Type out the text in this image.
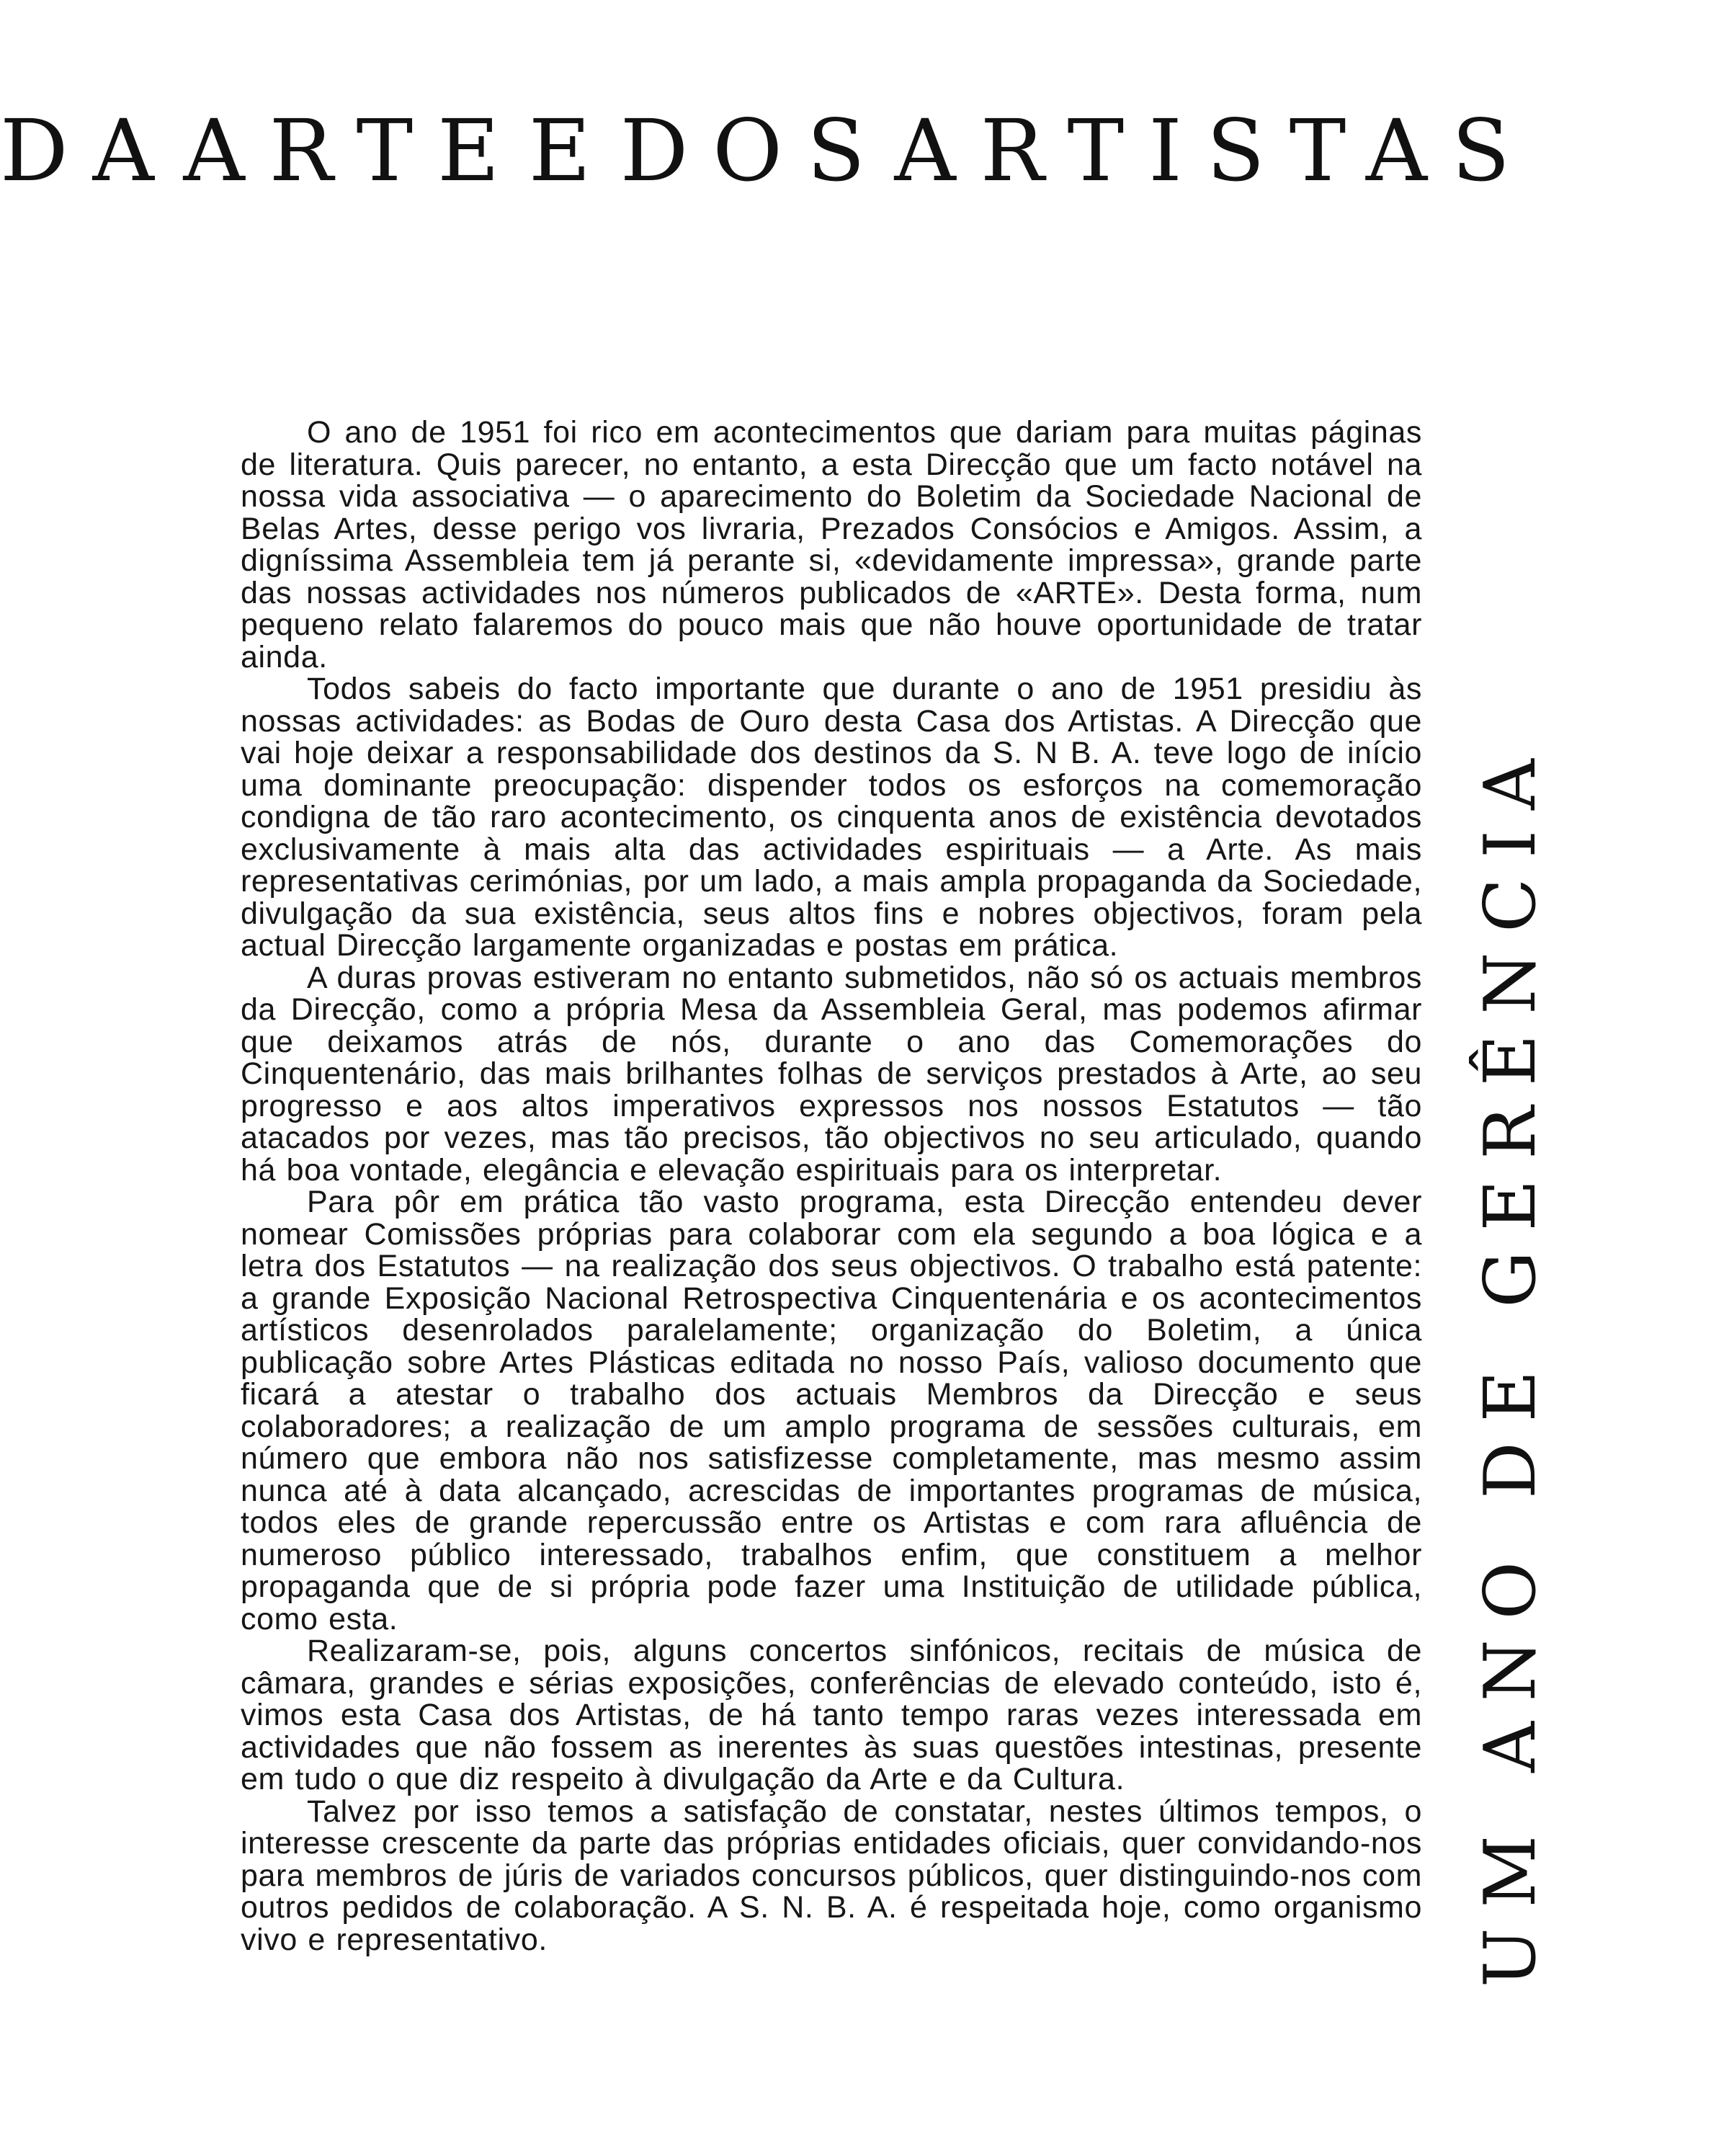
DA ARTE E DOS ARTISTAS
UM ANO DE GERÊNCIA

O ano de 1951 foi rico em acontecimentos que dariam para muitas páginas de literatura. Quis parecer, no entanto, a esta Direcção que um facto notável na nossa vida associativa — o aparecimento do Boletim da Sociedade Nacional de Belas Artes, desse perigo vos livraria, Prezados Consócios e Amigos. Assim, a digníssima Assembleia tem já perante si, «devidamente impressa», grande parte das nossas actividades nos números publicados de «ARTE». Desta forma, num pequeno relato falaremos do pouco mais que não houve oportunidade de tratar ainda.

Todos sabeis do facto importante que durante o ano de 1951 presidiu às nossas actividades: as Bodas de Ouro desta Casa dos Artistas. A Direcção que vai hoje deixar a responsabilidade dos destinos da S. N B. A. teve logo de início uma dominante preocupação: dispender todos os esforços na comemoração condigna de tão raro acontecimento, os cinquenta anos de existência devotados exclusivamente à mais alta das actividades espirituais — a Arte. As mais representativas cerimónias, por um lado, a mais ampla propaganda da Sociedade, divulgação da sua existência, seus altos fins e nobres objectivos, foram pela actual Direcção largamente organizadas e postas em prática.

A duras provas estiveram no entanto submetidos, não só os actuais membros da Direcção, como a própria Mesa da Assembleia Geral, mas podemos afirmar que deixamos atrás de nós, durante o ano das Comemorações do Cinquentenário, das mais brilhantes folhas de serviços prestados à Arte, ao seu progresso e aos altos imperativos expressos nos nossos Estatutos — tão atacados por vezes, mas tão precisos, tão objectivos no seu articulado, quando há boa vontade, elegância e elevação espirituais para os interpretar.

Para pôr em prática tão vasto programa, esta Direcção entendeu dever nomear Comissões próprias para colaborar com ela segundo a boa lógica e a letra dos Estatutos — na realização dos seus objectivos. O trabalho está patente: a grande Exposição Nacional Retrospectiva Cinquentenária e os acontecimentos artísticos desenrolados paralelamente; organização do Boletim, a única publicação sobre Artes Plásticas editada no nosso País, valioso documento que ficará a atestar o trabalho dos actuais Membros da Direcção e seus colaboradores; a realização de um amplo programa de sessões culturais, em número que embora não nos satisfizesse completamente, mas mesmo assim nunca até à data alcançado, acrescidas de importantes programas de música, todos eles de grande repercussão entre os Artistas e com rara afluência de numeroso público interessado, trabalhos enfim, que constituem a melhor propaganda que de si própria pode fazer uma Instituição de utilidade pública, como esta.

Realizaram-se, pois, alguns concertos sinfónicos, recitais de música de câmara, grandes e sérias exposições, conferências de elevado conteúdo, isto é, vimos esta Casa dos Artistas, de há tanto tempo raras vezes interessada em actividades que não fossem as inerentes às suas questões intestinas, presente em tudo o que diz respeito à divulgação da Arte e da Cultura.

Talvez por isso temos a satisfação de constatar, nestes últimos tempos, o interesse crescente da parte das próprias entidades oficiais, quer convidando-nos para membros de júris de variados concursos públicos, quer distinguindo-nos com outros pedidos de colaboração. A S. N. B. A. é respeitada hoje, como organismo vivo e representativo.
